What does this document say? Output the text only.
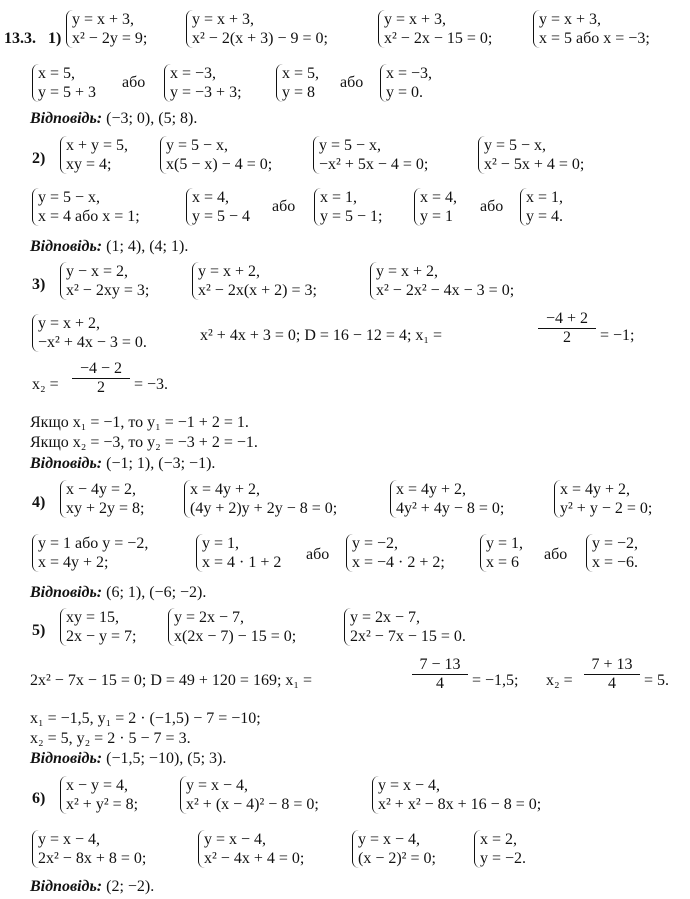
13.3. 1)
y = x + 3,
x² − 2y = 9;
y = x + 3,
x² − 2(x + 3) − 9 = 0;
y = x + 3,
x² − 2x − 15 = 0;
y = x + 3,
x = 5 або x = −3;
x = 5,
y = 5 + 3
або
x = −3,
y = −3 + 3;
x = 5,
y = 8
або
x = −3,
y = 0.
Відповідь: (−3; 0), (5; 8).
2)
x + y = 5,
xy = 4;
y = 5 − x,
x(5 − x) − 4 = 0;
y = 5 − x,
−x² + 5x − 4 = 0;
y = 5 − x,
x² − 5x + 4 = 0;
y = 5 − x,
x = 4 або x = 1;
x = 4,
y = 5 − 4
або
x = 1,
y = 5 − 1;
x = 4,
y = 1
або
x = 1,
y = 4.
Відповідь: (1; 4), (4; 1).
3)
y − x = 2,
x² − 2xy = 3;
y = x + 2,
x² − 2x(x + 2) = 3;
y = x + 2,
x² − 2x² − 4x − 3 = 0;
y = x + 2,
−x² + 4x − 3 = 0.	x² + 4x + 3 = 0; D = 16 − 12 = 4; x₁ =	$\frac{-4 + 2}{2} = -1$;
$x_2 = \frac{-4 - 2}{2} = -3$.
Якщо x₁ = −1, то y₁ = −1 + 2 = 1.
Якщо x₂ = −3, то y₂ = −3 + 2 = −1.
Відповідь: (−1; 1), (−3; −1).
4)
x − 4y = 2,
xy + 2y = 8;
x = 4y + 2,
(4y + 2)y + 2y − 8 = 0;
x = 4y + 2,
4y² + 4y − 8 = 0;
x = 4y + 2,
y² + y − 2 = 0;
y = 1 або y = −2,
x = 4y + 2;
y = 1,
x = 4 · 1 + 2 або
y = −2,
x = −4 · 2 + 2;
y = 1,
x = 6 або
y = −2,
x = −6.
Відповідь: (6; 1), (−6; −2).
5)
xy = 15,
2x − y = 7;
y = 2x − 7,
x(2x − 7) − 15 = 0;
y = 2x − 7,
2x² − 7x − 15 = 0.
2x² − 7x − 15 = 0; D = 49 + 120 = 169; x₁ =	$\frac{7 - 13}{4} = -1,5$; $x_2 = \frac{7 + 13}{4} = 5$.
x₁ = −1,5, y₁ = 2 · (−1,5) − 7 = −10;
x₂ = 5, y₂ = 2 · 5 − 7 = 3.
Відповідь: (−1,5; −10), (5; 3).
6)
x − y = 4,
x² + y² = 8;
y = x − 4,
x² + (x − 4)² − 8 = 0;
y = x − 4,
x² + x² − 8x + 16 − 8 = 0;
y = x − 4,
2x² − 8x + 8 = 0;
y = x − 4,
x² − 4x + 4 = 0;
y = x − 4,
(x − 2)² = 0;
x = 2,
y = −2.
Відповідь: (2; −2).
